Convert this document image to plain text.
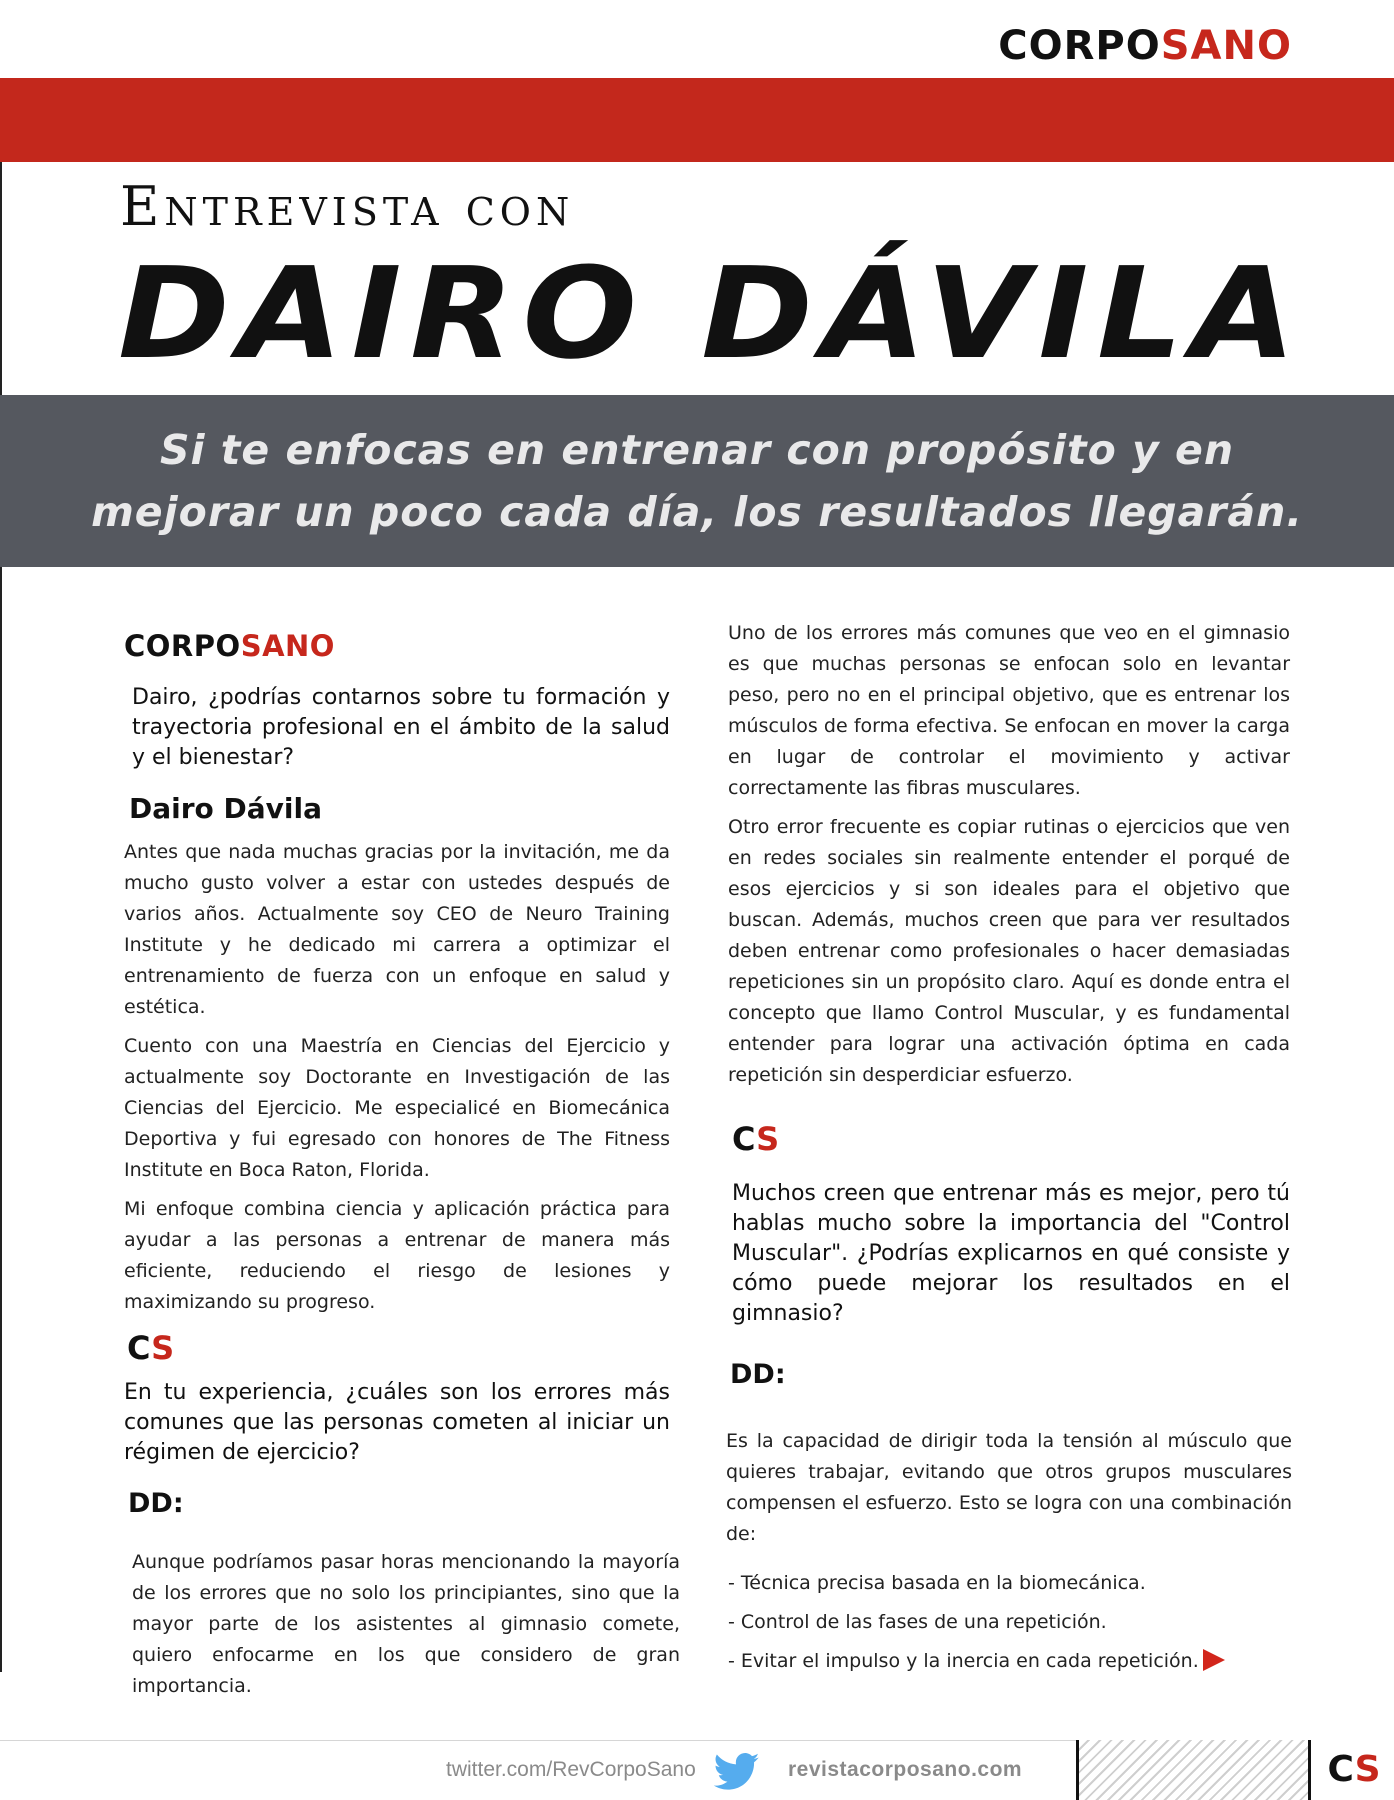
CORPOSANO
Entrevista con
DAIRO DÁVILA
Si te enfocas en entrenar con propósito y en
mejorar un poco cada día, los resultados llegarán.
CORPOSANO
Dairo, ¿podrías contarnos sobre tu formación y trayectoria profesional en el ámbito de la salud y el bienestar?
Dairo Dávila

Antes que nada muchas gracias por la invitación, me da mucho gusto volver a estar con ustedes después de varios años. Actualmente soy CEO de Neuro Training Institute y he dedicado mi carrera a optimizar el entrenamiento de fuerza con un enfoque en salud y estética.

Cuento con una Maestría en Ciencias del Ejercicio y actualmente soy Doctorante en Investigación de las Ciencias del Ejercicio. Me especialicé en Biomecánica Deportiva y fui egresado con honores de The Fitness Institute en Boca Raton, Florida.

Mi enfoque combina ciencia y aplicación práctica para ayudar a las personas a entrenar de manera más eficiente, reduciendo el riesgo de lesiones y maximizando su progreso.

CS
En tu experiencia, ¿cuáles son los errores más comunes que las personas cometen al iniciar un régimen de ejercicio?
DD:

Aunque podríamos pasar horas mencionando la mayoría de los errores que no solo los principiantes, sino que la mayor parte de los asistentes al gimnasio comete, quiero enfocarme en los que considero de gran importancia.

Uno de los errores más comunes que veo en el gimnasio es que muchas personas se enfocan solo en levantar peso, pero no en el principal objetivo, que es entrenar los músculos de forma efectiva. Se enfocan en mover la carga en lugar de controlar el movimiento y activar correctamente las fibras musculares.

Otro error frecuente es copiar rutinas o ejercicios que ven en redes sociales sin realmente entender el porqué de esos ejercicios y si son ideales para el objetivo que buscan. Además, muchos creen que para ver resultados deben entrenar como profesionales o hacer demasiadas repeticiones sin un propósito claro. Aquí es donde entra el concepto que llamo Control Muscular, y es fundamental entender para lograr una activación óptima en cada repetición sin desperdiciar esfuerzo.

CS
Muchos creen que entrenar más es mejor, pero tú hablas mucho sobre la importancia del "Control Muscular". ¿Podrías explicarnos en qué consiste y cómo puede mejorar los resultados en el gimnasio?
DD:

Es la capacidad de dirigir toda la tensión al músculo que quieres trabajar, evitando que otros grupos musculares compensen el esfuerzo. Esto se logra con una combinación de:

- Técnica precisa basada en la biomecánica.
- Control de las fases de una repetición.
- Evitar el impulso y la inercia en cada repetición.
twitter.com/RevCorpoSano	revistacorposano.com	CS
